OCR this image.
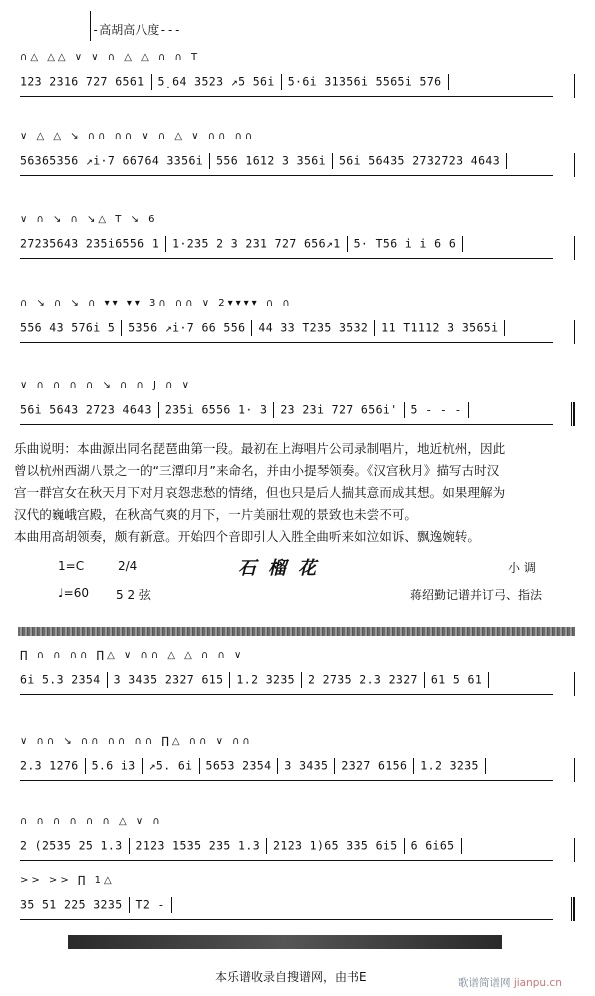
-高胡高八度---
∩△ △△ ∨ ∨ ∩ △ △ ∩ ∩ T
123 2316 727 6561 5̣ 64 3523 ↗5 56i 5·6i 31356i 5565i 576
∨ △ △ ↘ ∩∩ ∩∩ ∨ ∩ △ ∨ ∩∩ ∩∩
56365356 ↗i·7 66764 3356i 556 1612 3 356i 56i 56435 2732723 4643
∨ ∩ ↘ ∩ ↘△ T ↘ 6
27235643 235i6556 1 1·235 2 3 231 727 656↗1 5· T56 i i 6 6
∩ ↘ ∩ ↘ ∩ ▾▾ ▾▾ 3∩ ∩∩ ∨ 2▾▾▾▾ ∩ ∩
556 43 576i 5 5356 ↗i·7 66 556 44 33 T235 3532 11 T1112 3 3565i
∨ ∩ ∩ ∩ ∩ ↘ ∩ ∩ J ∩ ∨
56i 5643 2723 4643 235i 6556 1· 3 23 23i 727 656i' 5 - - -

乐曲说明：本曲源出同名琵琶曲第一段。最初在上海唱片公司录制唱片，地近杭州，因此

曾以杭州西湖八景之一的“三潭印月”来命名，并由小提琴领奏。《汉宫秋月》描写古时汉

宫一群宫女在秋天月下对月哀怨悲愁的情绪，但也只是后人揣其意而成其想。如果理解为

汉代的巍峨宫殿，在秋高气爽的月下，一片美丽壮观的景致也未尝不可。

本曲用高胡领奏，颇有新意。开始四个音即引人入胜全曲听来如泣如诉、飘逸婉转。

1=C	2/4
♩=60 5 2 弦
石榴花	小 调
蒋绍勤记谱并订弓、指法
∏ ∩ ∩ ∩∩ ∏△ ∨ ∩∩ △ △ ∩ ∩ ∨
6i 5.3 2354 3 3435 2327 615 1.2 3235 2 2735 2.3 2327 61 5 61
∨ ∩∩ ↘ ∩∩ ∩∩ ∩∩ ∏△ ∩∩ ∨ ∩∩
2.3 1276 5.6 i3 ↗5. 6i 5653 2354 3 3435 2327 6156 1.2 3235
∩ ∩ ∩ ∩ ∩ ∩ △ ∨ ∩
2 (2535 25 1.3 2123 1535 235 1.3 2123 1)65 335 6i5 6 6i65
>> >> ∏ 1△
35 51 225 3235 T2 -
本乐谱收录自搜谱网，由书E	歌谱简谱网 jianpu.cn
